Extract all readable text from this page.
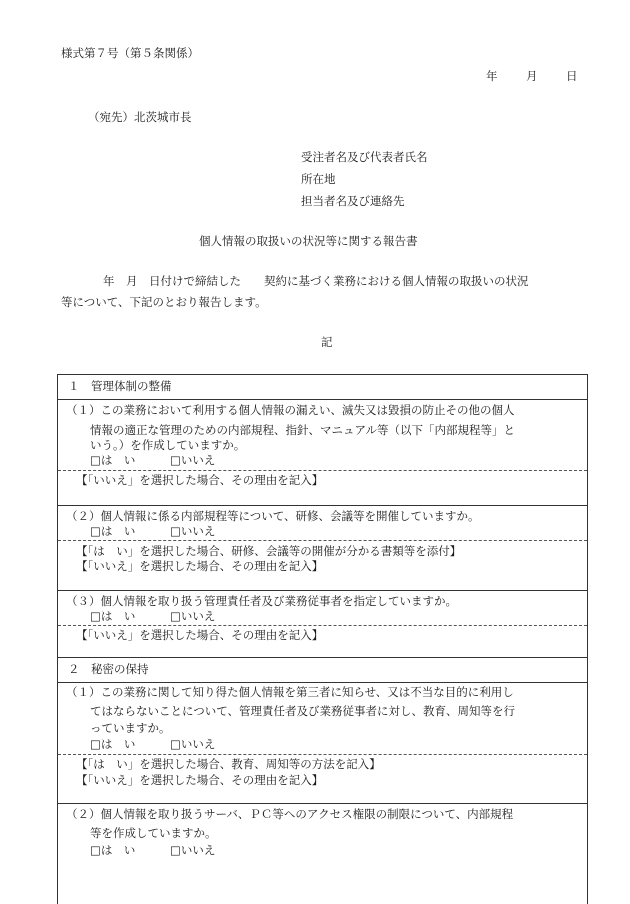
様式第７号（第５条関係）
年 月 日
（宛先）北茨城市長
受注者名及び代表者氏名
所在地
担当者名及び連絡先
個人情報の取扱いの状況等に関する報告書
年　月　日付けで締結した　　契約に基づく業務における個人情報の取扱いの状況
等について、下記のとおり報告します。
記
１　管理体制の整備
（１）この業務において利用する個人情報の漏えい、滅失又は毀損の防止その他の個人
情報の適正な管理のための内部規程、指針、マニュアル等（以下「内部規程等」と
いう。）を作成していますか。
□は　い	□いいえ
【「いいえ」を選択した場合、その理由を記入】
（２）個人情報に係る内部規程等について、研修、会議等を開催していますか。
□は　い	□いいえ
【「は　い」を選択した場合、研修、会議等の開催が分かる書類等を添付】
【「いいえ」を選択した場合、その理由を記入】
（３）個人情報を取り扱う管理責任者及び業務従事者を指定していますか。
□は　い	□いいえ
【「いいえ」を選択した場合、その理由を記入】
２　秘密の保持
（１）この業務に関して知り得た個人情報を第三者に知らせ、又は不当な目的に利用し
てはならないことについて、管理責任者及び業務従事者に対し、教育、周知等を行
っていますか。
□は　い	□いいえ
【「は　い」を選択した場合、教育、周知等の方法を記入】
【「いいえ」を選択した場合、その理由を記入】
（２）個人情報を取り扱うサーバ、ＰＣ等へのアクセス権限の制限について、内部規程
等を作成していますか。
□は　い	□いいえ
